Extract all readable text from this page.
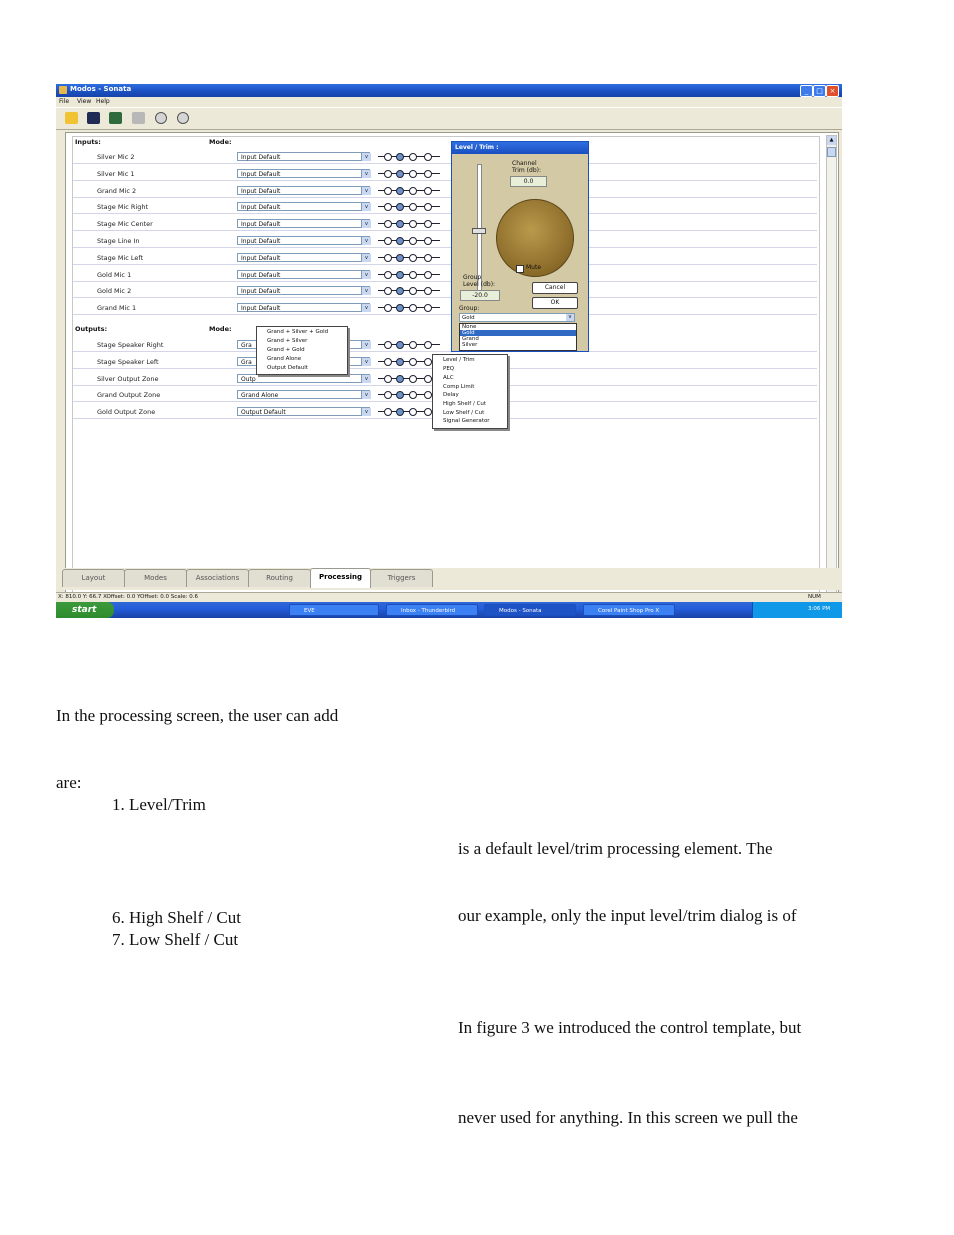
Modos - Sonata	_	□ ×
File View Help
Inputs:	Mode:
Silver Mic 2	Input Default	v
Silver Mic 1	Input Default	v
Grand Mic 2	Input Default	v
Stage Mic Right	Input Default	v
Stage Mic Center	Input Default	v
Stage Line In	Input Default	v
Stage Mic Left	Input Default	v
Gold Mic 1	Input Default	v
Gold Mic 2	Input Default	v
Grand Mic 1	Input Default	v
Outputs:	Mode:
Stage Speaker Right	Gra	v
Stage Speaker Left	Gra	v
Silver Output Zone	Outp	v
Grand Output Zone	Grand Alone	v
Gold Output Zone	Output Default	v
Grand + Silver + Gold
Grand + Silver
Grand + Gold
Grand Alone
Output Default
Level / Trim
PEQ
ALC
Comp Limit
Delay
High Shelf / Cut
Low Shelf / Cut
Signal Generator
Level / Trim :
Channel
Trim (db):
0.0
Mute
Group
Level (db):
-20.0
Cancel
OK
Group:
Gold	v
None
Gold
Grand
Silver
▲
Layout	Modes	Associations	Routing	Processing	Triggers
X: 810.0 Y: 66.7 XOffset: 0.0 YOffset: 0.0 Scale: 0.6	NUM
start	EVE	Inbox - Thunderbird	Modos - Sonata	Corel Paint Shop Pro X	3:06 PM
In the processing screen, the user can add
are:
1. Level/Trim
6. High Shelf / Cut
7. Low Shelf / Cut
is a default level/trim processing element. The
our example, only the input level/trim dialog is of
In figure 3 we introduced the control template, but
never used for anything. In this screen we pull the
